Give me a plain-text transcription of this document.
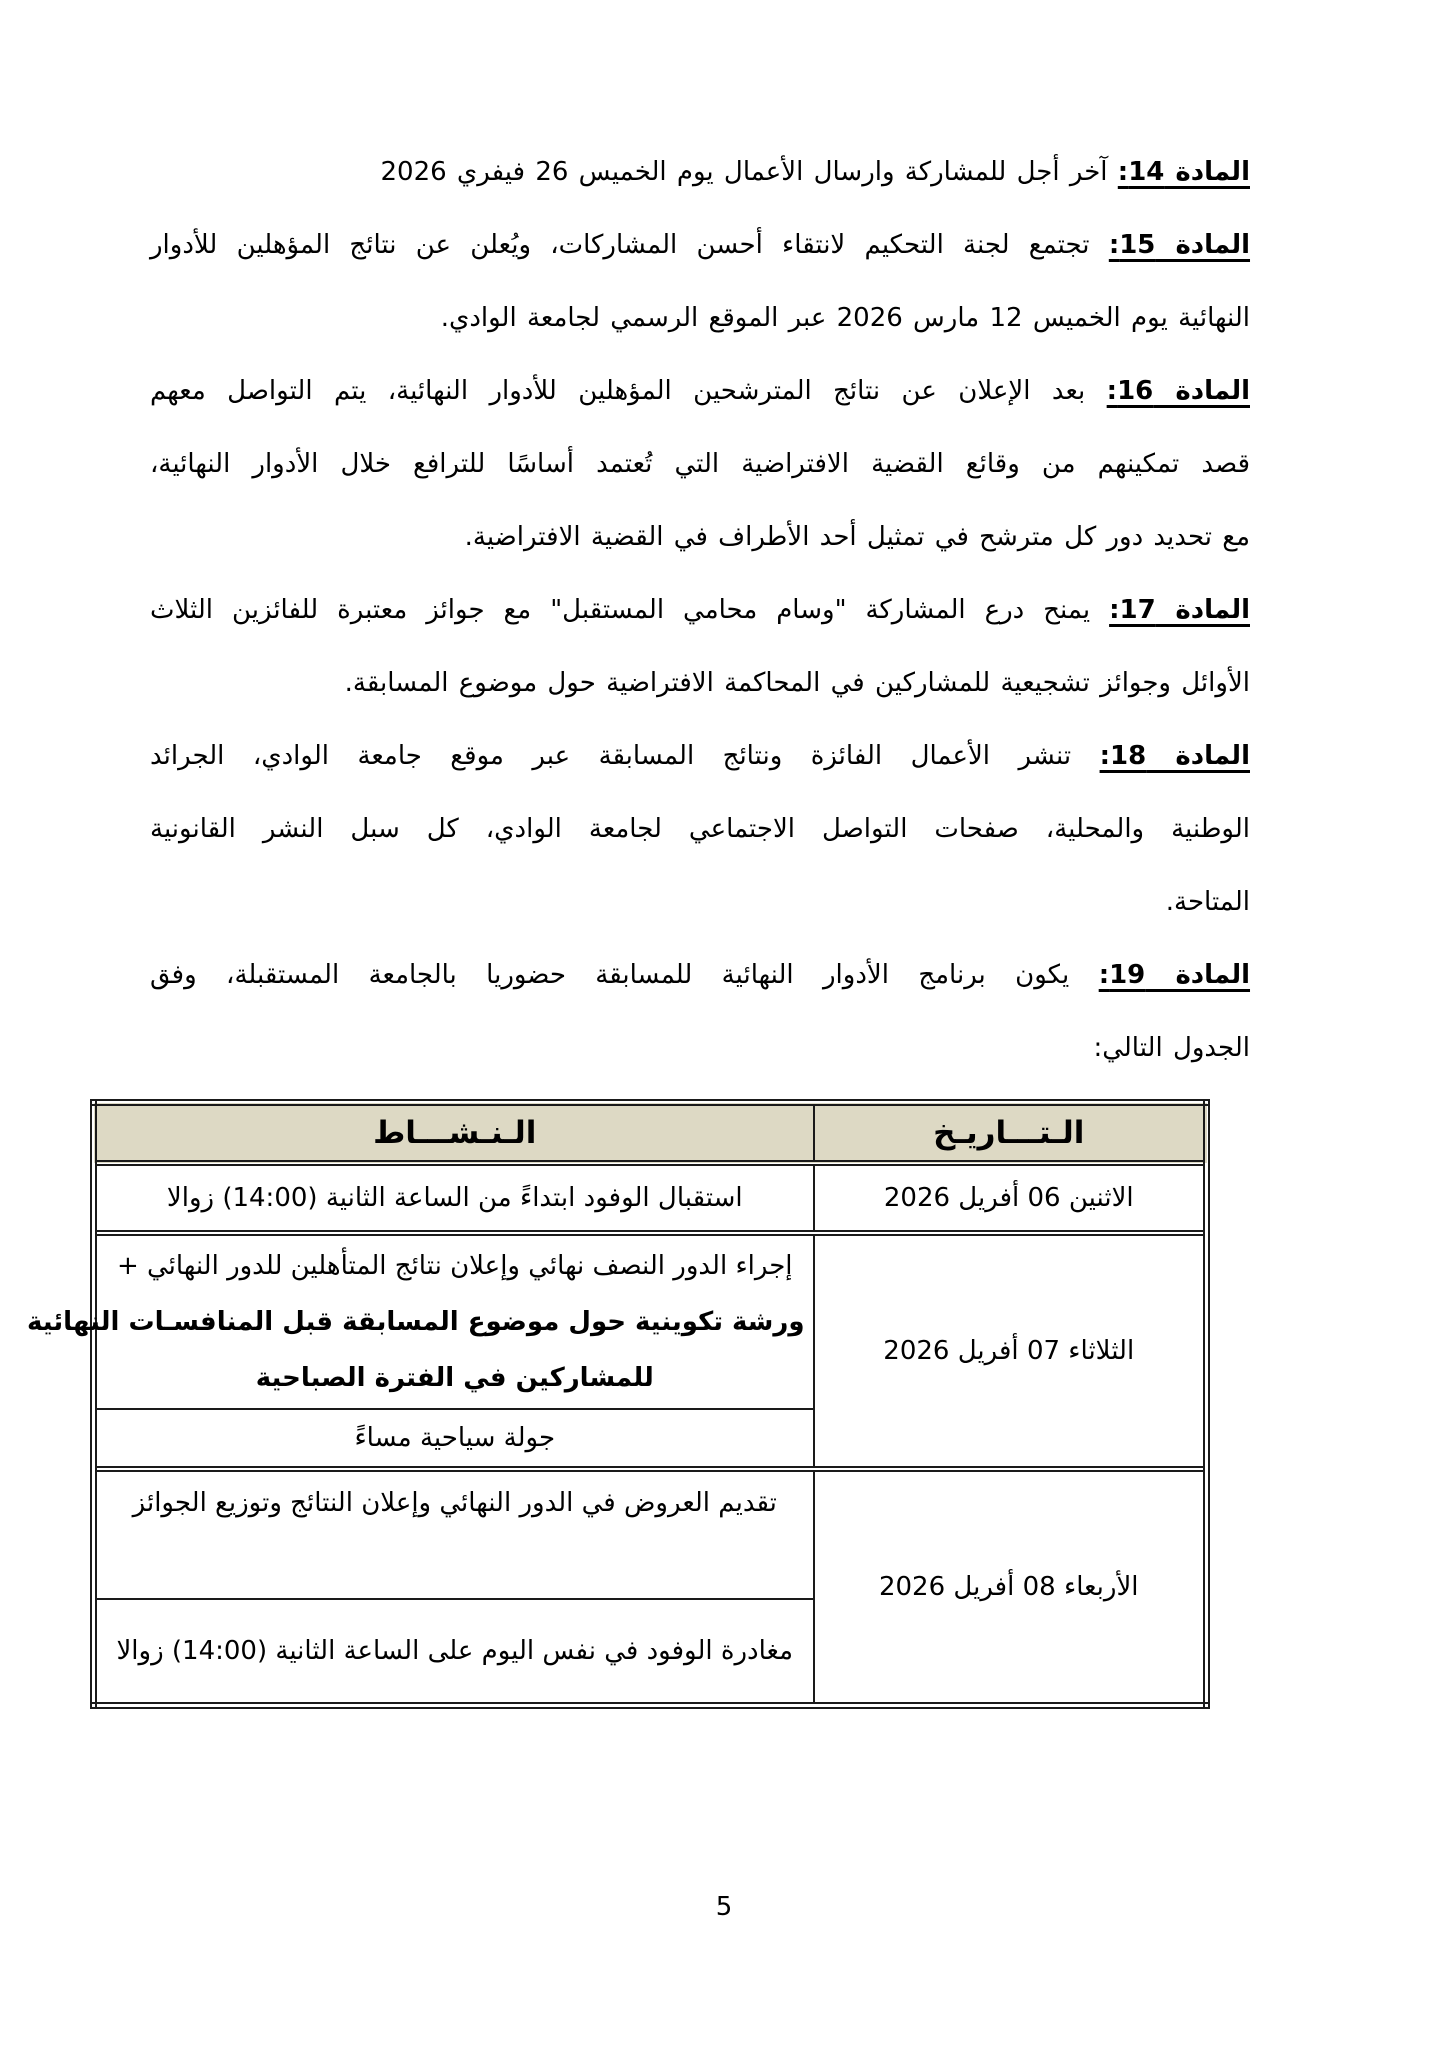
المادة 14: آخر أجل للمشاركة وارسال الأعمال يوم الخميس 26 فيفري 2026
المادة 15: تجتمع لجنة التحكيم لانتقاء أحسن المشاركات، ويُعلن عن نتائج المؤهلين للأدوار
النهائية يوم الخميس 12 مارس 2026 عبر الموقع الرسمي لجامعة الوادي.
المادة 16: بعد الإعلان عن نتائج المترشحين المؤهلين للأدوار النهائية، يتم التواصل معهم
قصد تمكينهم من وقائع القضية الافتراضية التي تُعتمد أساسًا للترافع خلال الأدوار النهائية،
مع تحديد دور كل مترشح في تمثيل أحد الأطراف في القضية الافتراضية.
المادة 17: يمنح درع المشاركة "وسام محامي المستقبل" مع جوائز معتبرة للفائزين الثلاث
الأوائل وجوائز تشجيعية للمشاركين في المحاكمة الافتراضية حول موضوع المسابقة.
المادة 18: تنشر الأعمال الفائزة ونتائج المسابقة عبر موقع جامعة الوادي، الجرائد
الوطنية والمحلية، صفحات التواصل الاجتماعي لجامعة الوادي، كل سبل النشر القانونية
المتاحة.
المادة 19: يكون برنامج الأدوار النهائية للمسابقة حضوريا بالجامعة المستقبلة، وفق
الجدول التالي:
الـتـــاريـخ	الـنـشـــاط
الاثنين 06 أفريل 2026	استقبال الوفود ابتداءً من الساعة الثانية (14:00) زوالا
الثلاثاء 07 أفريل 2026	إجراء الدور النصف نهائي وإعلان نتائج المتأهلين للدور النهائي +
ورشة تكوينية حول موضوع المسابقة قبل المنافسـات النهائية
للمشاركين في الفترة الصباحية

	جولة سياحية مساءً
الأربعاء 08 أفريل 2026	تقديم العروض في الدور النهائي وإعلان النتائج وتوزيع الجوائز
	مغادرة الوفود في نفس اليوم على الساعة الثانية (14:00) زوالا
5
